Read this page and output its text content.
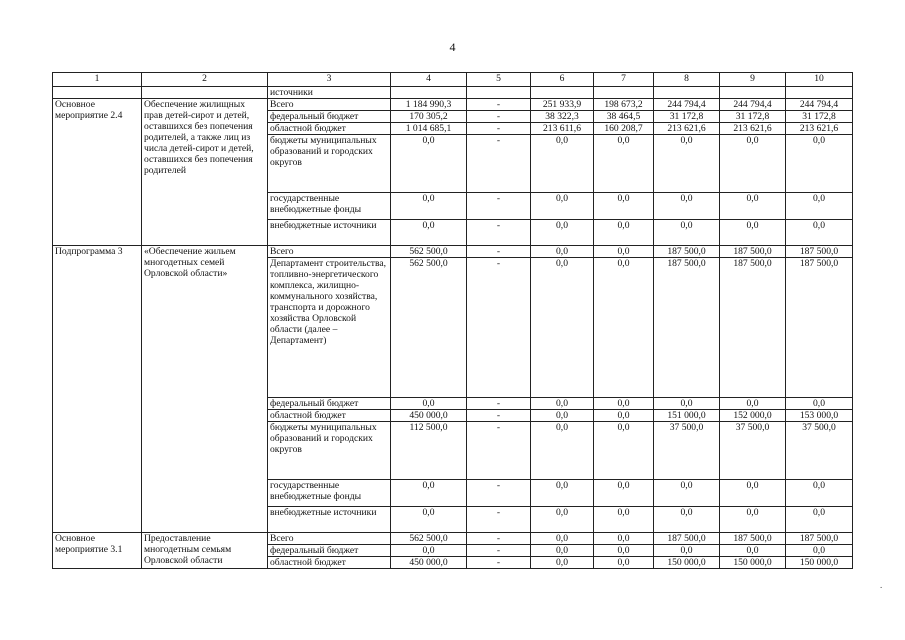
4
1	2	3	4	5	6	7	8	9	10
		источники							
Основное мероприятие 2.4	Обеспечение жилищных прав детей-сирот и детей, оставшихся без попечения родителей, а также лиц из числа детей-сирот и детей, оставшихся без попечения родителей	Всего	1 184 990,3	-	251 933,9	198 673,2	244 794,4	244 794,4	244 794,4
		федеральный бюджет	170 305,2	-	38 322,3	38 464,5	31 172,8	31 172,8	31 172,8
		областной бюджет	1 014 685,1	-	213 611,6	160 208,7	213 621,6	213 621,6	213 621,6
		бюджеты муниципальных образований и городских округов	0,0	-	0,0	0,0	0,0	0,0	0,0
		государственные внебюджетные фонды	0,0	-	0,0	0,0	0,0	0,0	0,0
		внебюджетные источники	0,0	-	0,0	0,0	0,0	0,0	0,0
Подпрограмма 3	«Обеспечение жильем многодетных семей Орловской области»	Всего	562 500,0	-	0,0	0,0	187 500,0	187 500,0	187 500,0
		Департамент строительства, топливно-энергетического комплекса, жилищно-коммунального хозяйства, транспорта и дорожного хозяйства Орловской области (далее – Департамент)	562 500,0	-	0,0	0,0	187 500,0	187 500,0	187 500,0
		федеральный бюджет	0,0	-	0,0	0,0	0,0	0,0	0,0
		областной бюджет	450 000,0	-	0,0	0,0	151 000,0	152 000,0	153 000,0
		бюджеты муниципальных образований и городских округов	112 500,0	-	0,0	0,0	37 500,0	37 500,0	37 500,0
		государственные внебюджетные фонды	0,0	-	0,0	0,0	0,0	0,0	0,0
		внебюджетные источники	0,0	-	0,0	0,0	0,0	0,0	0,0
Основное мероприятие 3.1	Предоставление многодетным семьям Орловской области	Всего	562 500,0	-	0,0	0,0	187 500,0	187 500,0	187 500,0
		федеральный бюджет	0,0	-	0,0	0,0	0,0	0,0	0,0
		областной бюджет	450 000,0	-	0,0	0,0	150 000,0	150 000,0	150 000,0
.
